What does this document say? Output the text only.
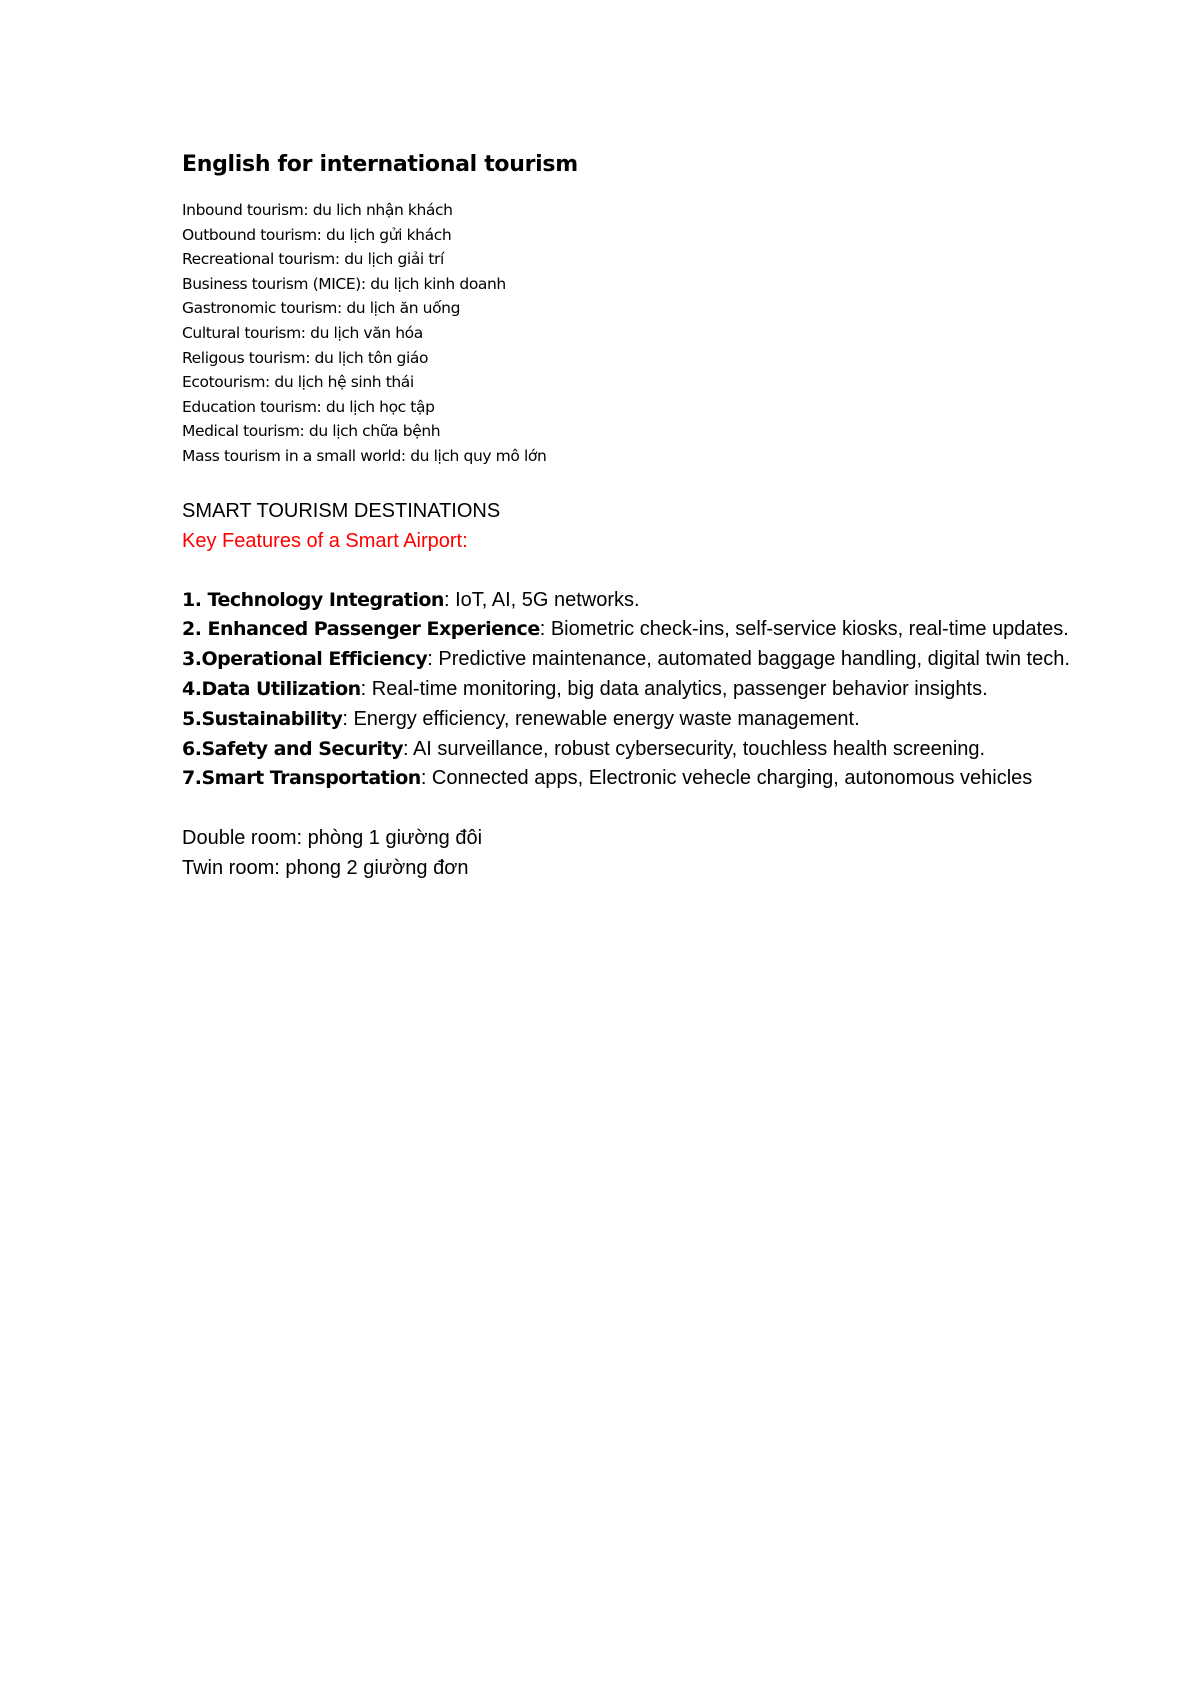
English for international tourism
Inbound tourism: du lich nhận khách
Outbound tourism: du lịch gửi khách
Recreational tourism: du lịch giải trí
Business tourism (MICE): du lịch kinh doanh
Gastronomic tourism: du lịch ăn uống
Cultural tourism: du lịch văn hóa
Religous tourism: du lịch tôn giáo
Ecotourism: du lịch hệ sinh thái
Education tourism: du lịch học tập
Medical tourism: du lịch chữa bệnh
Mass tourism in a small world: du lịch quy mô lớn
SMART TOURISM DESTINATIONS
Key Features of a Smart Airport:
1. Technology Integration: IoT, AI, 5G networks.
2. Enhanced Passenger Experience: Biometric check-ins, self-service kiosks, real-time updates.
3.Operational Efficiency: Predictive maintenance, automated baggage handling, digital twin tech.
4.Data Utilization: Real-time monitoring, big data analytics, passenger behavior insights.
5.Sustainability: Energy efficiency, renewable energy waste management.
6.Safety and Security: AI surveillance, robust cybersecurity, touchless health screening.
7.Smart Transportation: Connected apps, Electronic vehecle charging, autonomous vehicles
Double room: phòng 1 giường đôi
Twin room: phong 2 giường đơn
